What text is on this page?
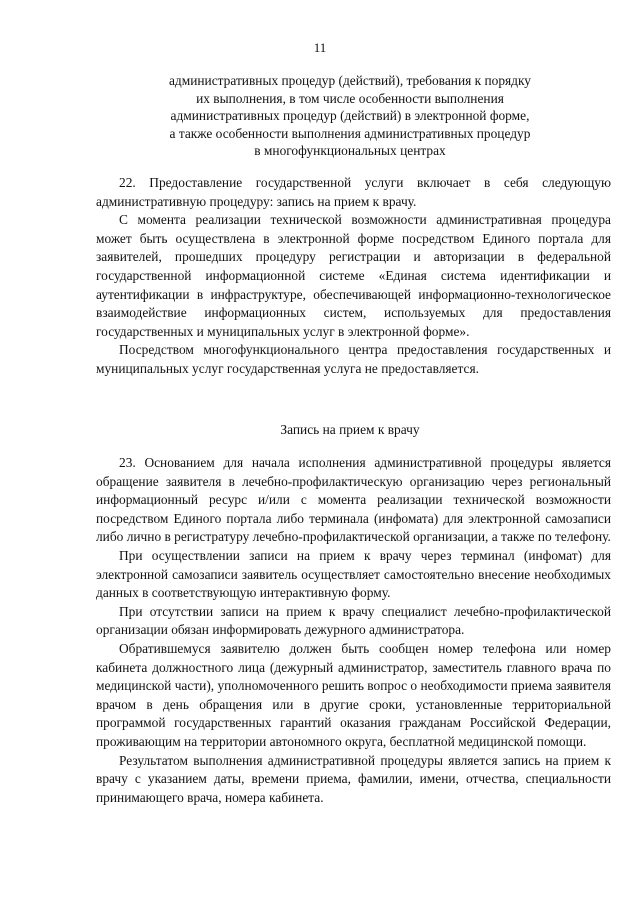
11
административных процедур (действий), требования к порядку
их выполнения, в том числе особенности выполнения
административных процедур (действий) в электронной форме,
а также особенности выполнения административных процедур
в многофункциональных центрах

22. Предоставление государственной услуги включает в себя следующую административную процедуру: запись на прием к врачу.

С момента реализации технической возможности административная процедура может быть осуществлена в электронной форме посредством Единого портала для заявителей, прошедших процедуру регистрации и авторизации в федеральной государственной информационной системе «Единая система идентификации и аутентификации в инфраструктуре, обеспечивающей информационно-технологическое взаимодействие информационных систем, используемых для предоставления государственных и муниципальных услуг в электронной форме».

Посредством многофункционального центра предоставления государственных и муниципальных услуг государственная услуга не предоставляется.

Запись на прием к врачу

23. Основанием для начала исполнения административной процедуры является обращение заявителя в лечебно-профилактическую организацию через региональный информационный ресурс и/или с момента реализации технической возможности посредством Единого портала либо терминала (инфомата) для электронной самозаписи либо лично в регистратуру лечебно-профилактической организации, а также по телефону.

При осуществлении записи на прием к врачу через терминал (инфомат) для электронной самозаписи заявитель осуществляет самостоятельно внесение необходимых данных в соответствующую интерактивную форму.

При отсутствии записи на прием к врачу специалист лечебно-профилактической организации обязан информировать дежурного администратора.

Обратившемуся заявителю должен быть сообщен номер телефона или номер кабинета должностного лица (дежурный администратор, заместитель главного врача по медицинской части), уполномоченного решить вопрос о необходимости приема заявителя врачом в день обращения или в другие сроки, установленные территориальной программой государственных гарантий оказания гражданам Российской Федерации, проживающим на территории автономного округа, бесплатной медицинской помощи.

Результатом выполнения административной процедуры является запись на прием к врачу с указанием даты, времени приема, фамилии, имени, отчества, специальности принимающего врача, номера кабинета.
